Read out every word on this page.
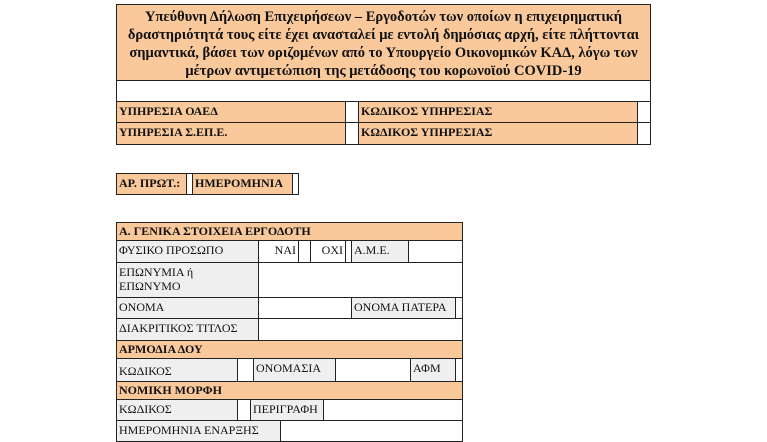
Υπεύθυνη Δήλωση Επιχειρήσεων – Εργοδοτών των οποίων η επιχειρηματική δραστηριότητά τους είτε έχει ανασταλεί με εντολή δημόσιας αρχή, είτε πλήττονται σημαντικά, βάσει των οριζομένων από το Υπουργείο Οικονομικών ΚΑΔ, λόγω των μέτρων αντιμετώπιση της μετάδοσης του κορωνοϊού COVID-19
ΥΠΗΡΕΣΙΑ ΟΑΕΔ	ΚΩΔΙΚΟΣ ΥΠΗΡΕΣΙΑΣ
ΥΠΗΡΕΣΙΑ Σ.ΕΠ.Ε.	ΚΩΔΙΚΟΣ ΥΠΗΡΕΣΙΑΣ
ΑΡ. ΠΡΩΤ.:	ΗΜΕΡΟΜΗΝΙΑ
Α. ΓΕΝΙΚΑ ΣΤΟΙΧΕΙΑ ΕΡΓΟΔΟΤΗ
ΦΥΣΙΚΟ ΠΡΟΣΩΠΟ	ΝΑΙ	ΟΧΙ Α.Μ.Ε.
ΕΠΩΝΥΜΙΑ ή ΕΠΩΝΥΜΟ
ΟΝΟΜΑ	ΟΝΟΜΑ ΠΑΤΕΡΑ
ΔΙΑΚΡΙΤΙΚΟΣ ΤΙΤΛΟΣ
ΑΡΜΟΔΙΑ ΔΟΥ
ΚΩΔΙΚΟΣ	ΟΝΟΜΑΣΙΑ	ΑΦΜ
ΝΟΜΙΚΗ ΜΟΡΦΗ
ΚΩΔΙΚΟΣ	ΠΕΡΙΓΡΑΦΗ
ΗΜΕΡΟΜΗΝΙΑ ΕΝΑΡΞΗΣ
